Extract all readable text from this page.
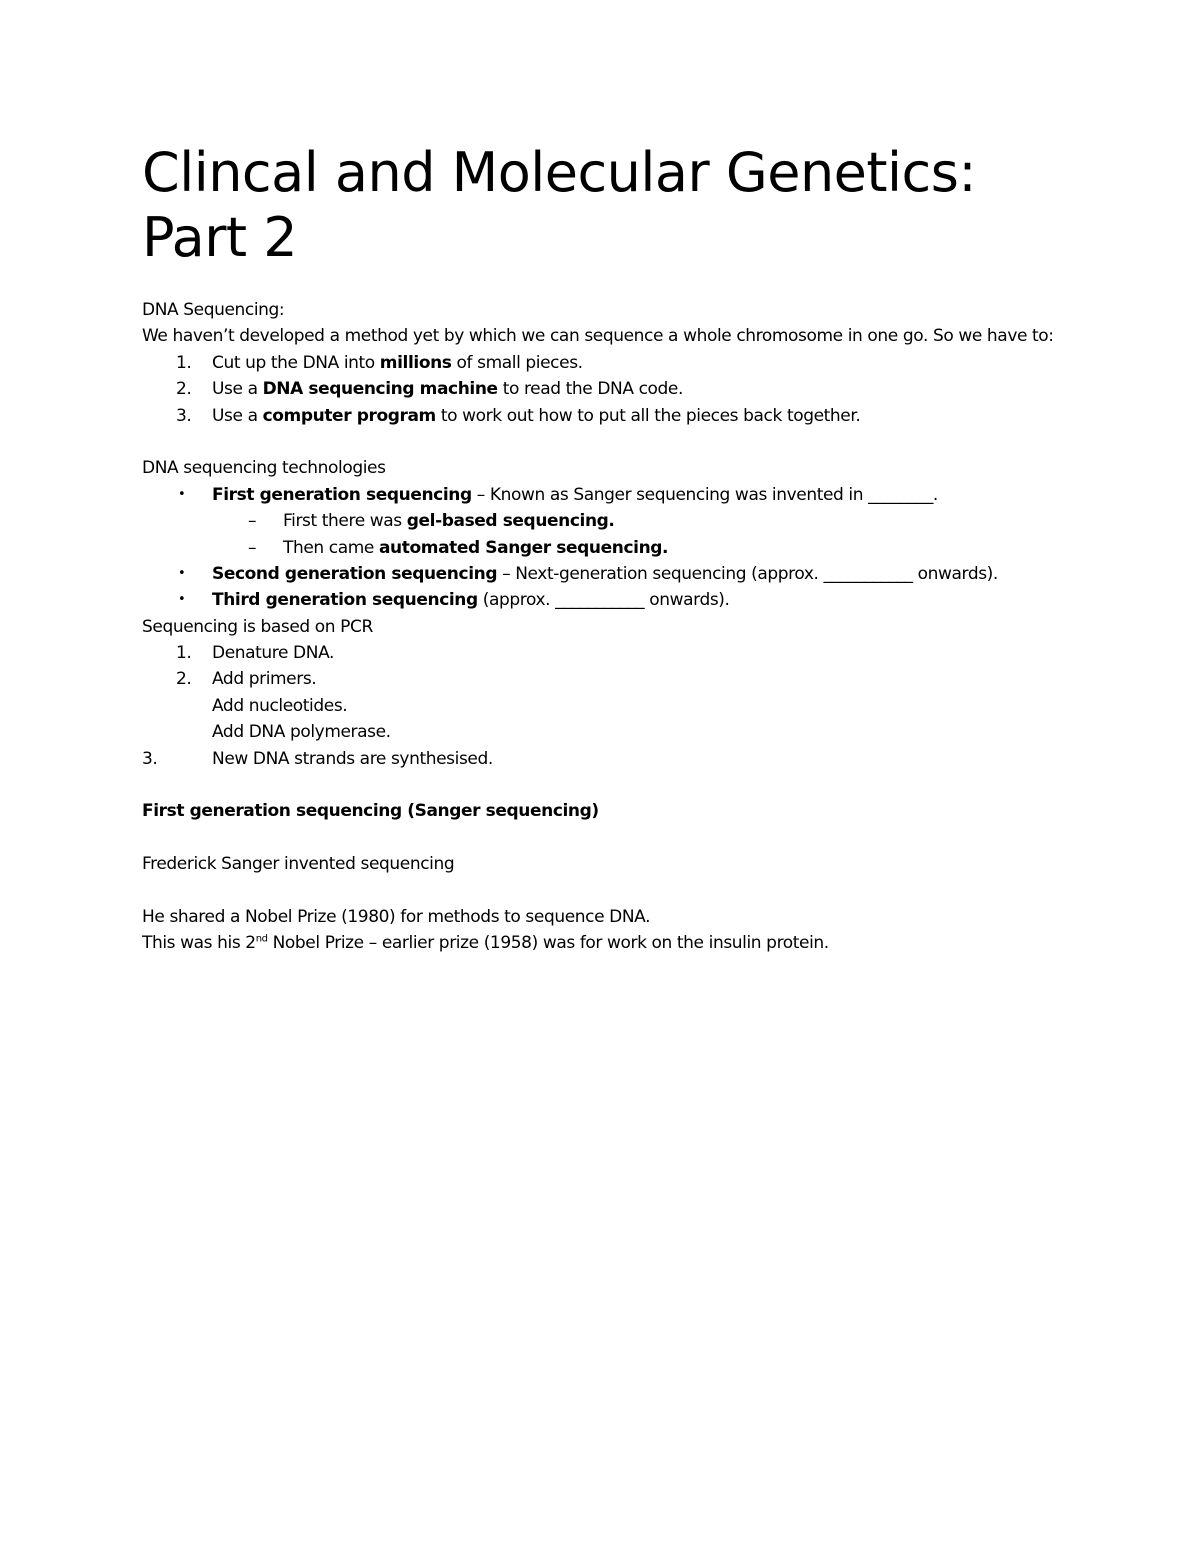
Clincal and Molecular Genetics:
Part 2
DNA Sequencing:
We haven’t developed a method yet by which we can sequence a whole chromosome in one go. So we have to:
1. Cut up the DNA into millions of small pieces.
2. Use a DNA sequencing machine to read the DNA code.
3. Use a computer program to work out how to put all the pieces back together.
DNA sequencing technologies
• First generation sequencing – Known as Sanger sequencing was invented in ________.
– First there was gel-based sequencing.
– Then came automated Sanger sequencing.
• Second generation sequencing – Next-generation sequencing (approx. ___________ onwards).
• Third generation sequencing (approx. ___________ onwards).
Sequencing is based on PCR
1. Denature DNA.
2. Add primers.
Add nucleotides.
Add DNA polymerase.
3.	New DNA strands are synthesised.
First generation sequencing (Sanger sequencing)
Frederick Sanger invented sequencing
He shared a Nobel Prize (1980) for methods to sequence DNA.
This was his 2nd Nobel Prize – earlier prize (1958) was for work on the insulin protein.
